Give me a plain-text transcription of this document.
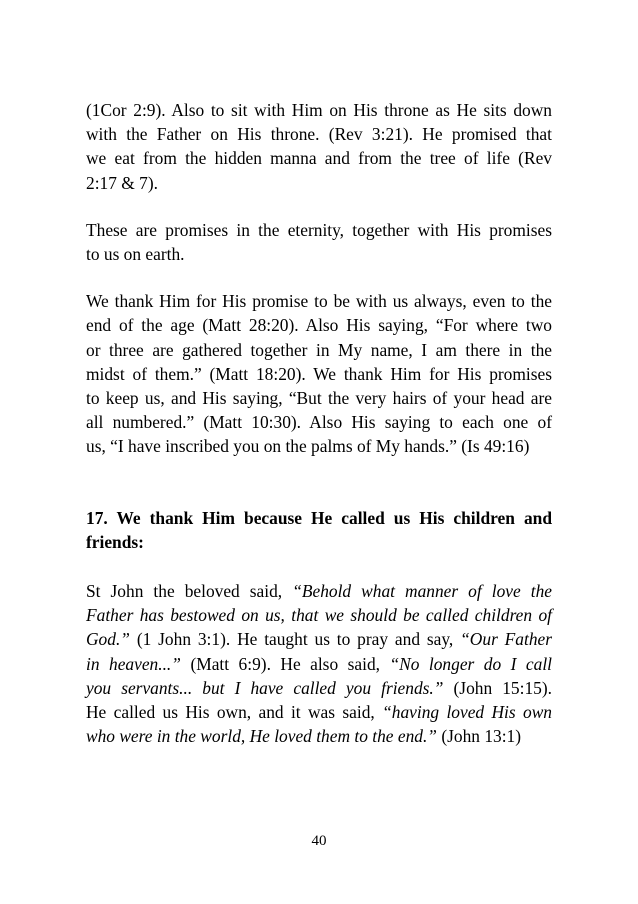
(1Cor 2:9). Also to sit with Him on His throne as He sits down
with the Father on His throne. (Rev 3:21). He promised that
we eat from the hidden manna and from the tree of life (Rev
2:17 & 7).
These are promises in the eternity, together with His promises
to us on earth.
We thank Him for His promise to be with us always, even to the
end of the age (Matt 28:20). Also His saying, “For where two
or three are gathered together in My name, I am there in the
midst of them.” (Matt 18:20). We thank Him for His promises
to keep us, and His saying, “But the very hairs of your head are
all numbered.” (Matt 10:30). Also His saying to each one of
us, “I have inscribed you on the palms of My hands.” (Is 49:16)
17. We thank Him because He called us His children and
friends:
St John the beloved said, “Behold what manner of love the
Father has bestowed on us, that we should be called children of
God.” (1 John 3:1). He taught us to pray and say, “Our Father
in heaven...” (Matt 6:9). He also said, “No longer do I call
you servants... but I have called you friends.” (John 15:15).
He called us His own, and it was said, “having loved His own
who were in the world, He loved them to the end.” (John 13:1)
40
